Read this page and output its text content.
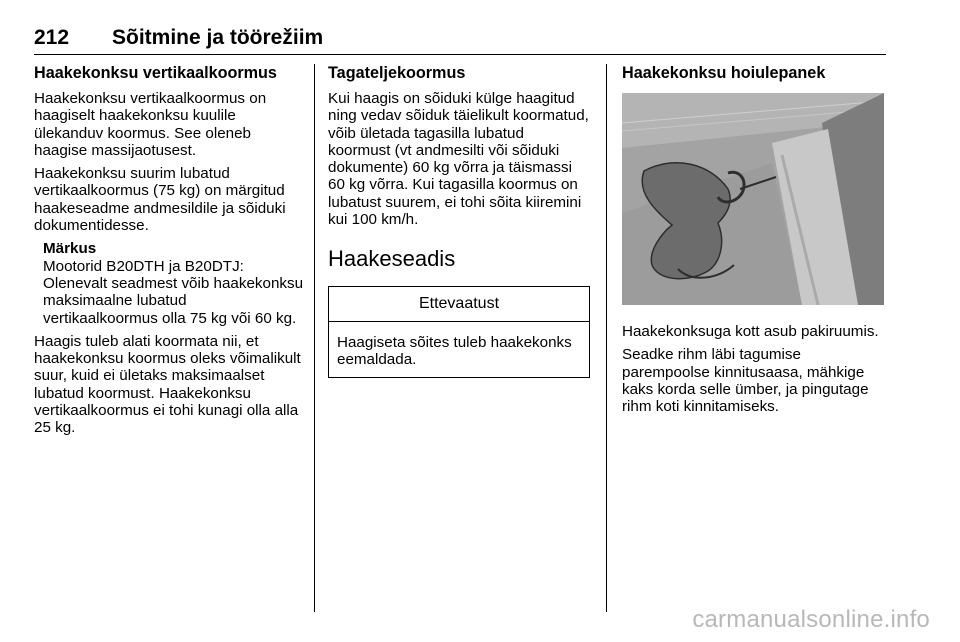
212 Sõitmine ja töörežiim
Haakekonksu vertikaalkoormus

Haakekonksu vertikaalkoormus on haagiselt haakekonksu kuulile ülekanduv koormus. See oleneb haagise massijaotusest.

Haakekonksu suurim lubatud vertikaalkoormus (75 kg) on märgitud haakeseadme andmesildile ja sõiduki dokumentidesse.

Märkus
Mootorid B20DTH ja B20DTJ: Olenevalt seadmest võib haakekonksu maksimaalne lubatud vertikaalkoormus olla 75 kg või 60 kg.

Haagis tuleb alati koormata nii, et haakekonksu koormus oleks võimalikult suur, kuid ei ületaks maksimaalset lubatud koormust. Haakekonksu vertikaalkoormus ei tohi kunagi olla alla 25 kg.

Tagateljekoormus

Kui haagis on sõiduki külge haagitud ning vedav sõiduk täielikult koormatud, võib ületada tagasilla lubatud koormust (vt andmesilti või sõiduki dokumente) 60 kg võrra ja täismassi 60 kg võrra. Kui tagasilla koormus on lubatust suurem, ei tohi sõita kiiremini kui 100 km/h.

Haakeseadis
Ettevaatust
Haagiseta sõites tuleb haakekonks eemaldada.
Haakekonksu hoiulepanek

Haakekonksuga kott asub pakiruumis.

Seadke rihm läbi tagumise parempoolse kinnitusaasa, mähkige kaks korda selle ümber, ja pingutage rihm koti kinnitamiseks.

carmanualsonline.info
